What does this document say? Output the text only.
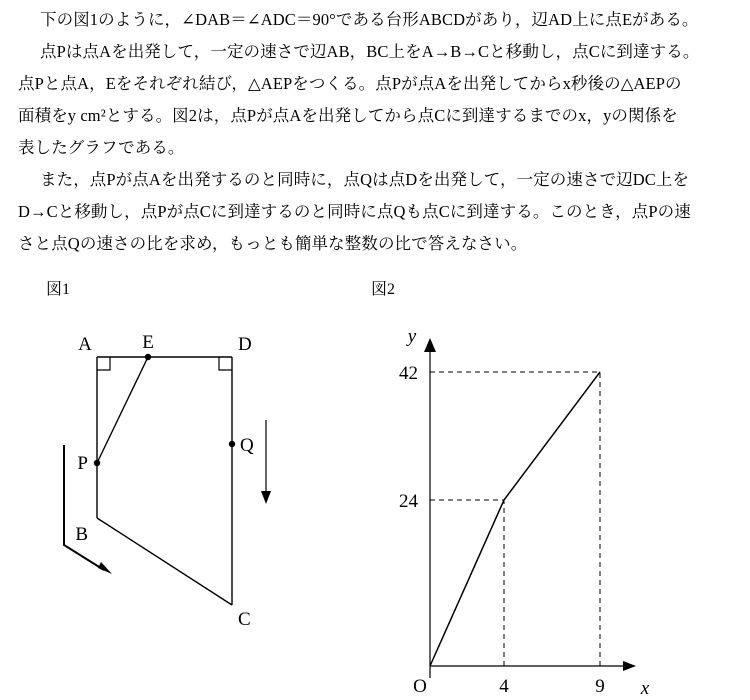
下の図1のように，∠DAB＝∠ADC＝90°である台形ABCDがあり，辺AD上に点Eがある。
点Pは点Aを出発して，一定の速さで辺AB，BC上をA→B→Cと移動し，点Cに到達する。
点Pと点A，Eをそれぞれ結び，△AEPをつくる。点Pが点Aを出発してからx秒後の△AEPの
面積をy cm²とする。図2は，点Pが点Aを出発してから点Cに到達するまでのx，yの関係を
表したグラフである。
また，点Pが点Aを出発するのと同時に，点Qは点Dを出発して，一定の速さで辺DC上を
D→Cと移動し，点Pが点Cに到達するのと同時に点Qも点Cに到達する。このとき，点Pの速
さと点Qの速さの比を求め，もっとも簡単な整数の比で答えなさい。
図1	図2
A	E	D
P
B
C
Q
O	4	9
24
42
x
y
